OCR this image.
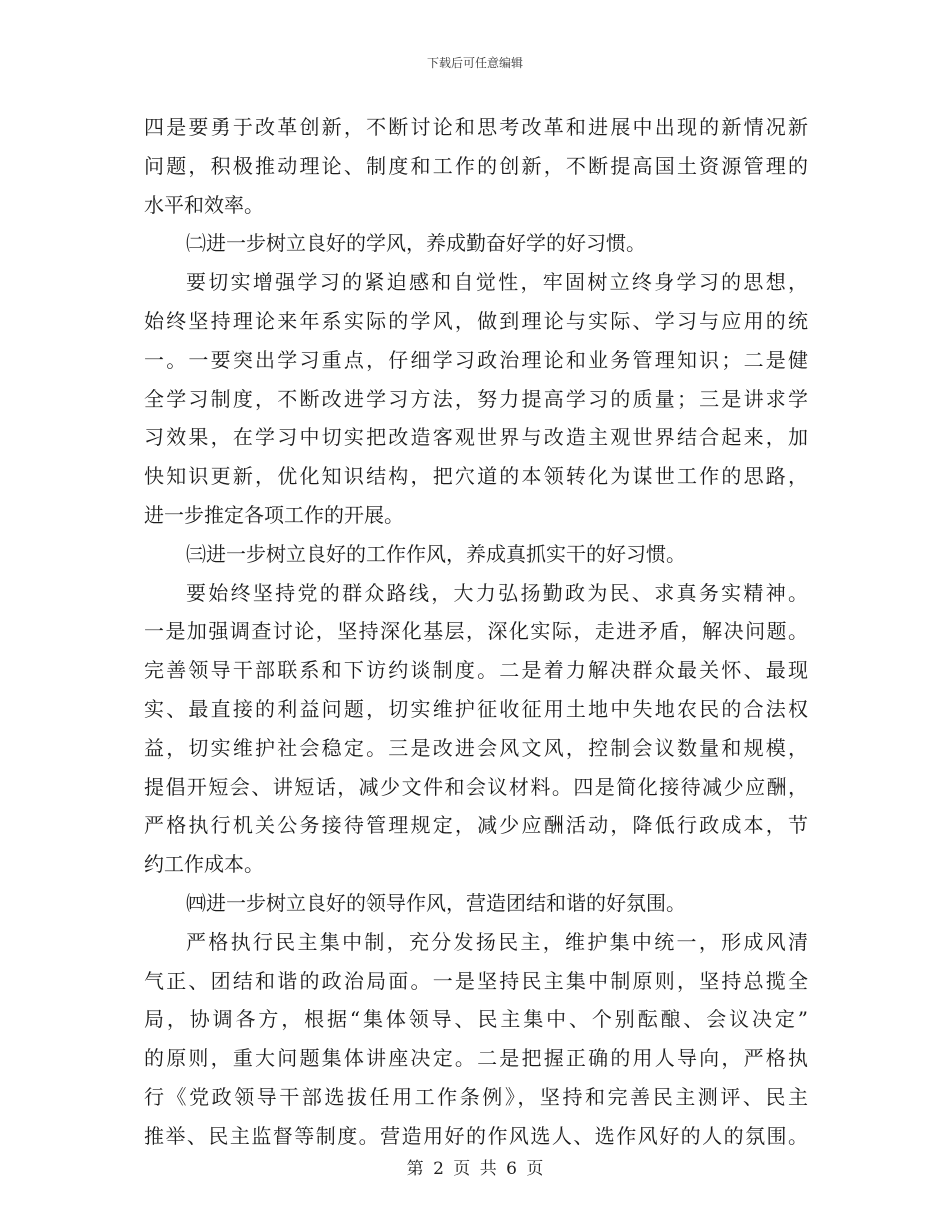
下载后可任意编辑
四是要勇于改革创新，不断讨论和思考改革和进展中出现的新情况新
问题，积极推动理论、制度和工作的创新，不断提高国土资源管理的
水平和效率。
㈡进一步树立良好的学风，养成勤奋好学的好习惯。
要切实增强学习的紧迫感和自觉性，牢固树立终身学习的思想，
始终坚持理论来年系实际的学风，做到理论与实际、学习与应用的统
一。一要突出学习重点，仔细学习政治理论和业务管理知识；二是健
全学习制度，不断改进学习方法，努力提高学习的质量；三是讲求学
习效果，在学习中切实把改造客观世界与改造主观世界结合起来，加
快知识更新，优化知识结构，把穴道的本领转化为谋世工作的思路，
进一步推定各项工作的开展。
㈢进一步树立良好的工作作风，养成真抓实干的好习惯。
要始终坚持党的群众路线，大力弘扬勤政为民、求真务实精神。
一是加强调查讨论，坚持深化基层，深化实际，走进矛盾，解决问题。
完善领导干部联系和下访约谈制度。二是着力解决群众最关怀、最现
实、最直接的利益问题，切实维护征收征用土地中失地农民的合法权
益，切实维护社会稳定。三是改进会风文风，控制会议数量和规模，
提倡开短会、讲短话，减少文件和会议材料。四是简化接待减少应酬，
严格执行机关公务接待管理规定，减少应酬活动，降低行政成本，节
约工作成本。
㈣进一步树立良好的领导作风，营造团结和谐的好氛围。
严格执行民主集中制，充分发扬民主，维护集中统一，形成风清
气正、团结和谐的政治局面。一是坚持民主集中制原则，坚持总揽全
局，协调各方，根据“集体领导、民主集中、个别酝酿、会议决定”
的原则，重大问题集体讲座决定。二是把握正确的用人导向，严格执
行《党政领导干部选拔任用工作条例》，坚持和完善民主测评、民主
推举、民主监督等制度。营造用好的作风选人、选作风好的人的氛围。
第 2 页 共 6 页
